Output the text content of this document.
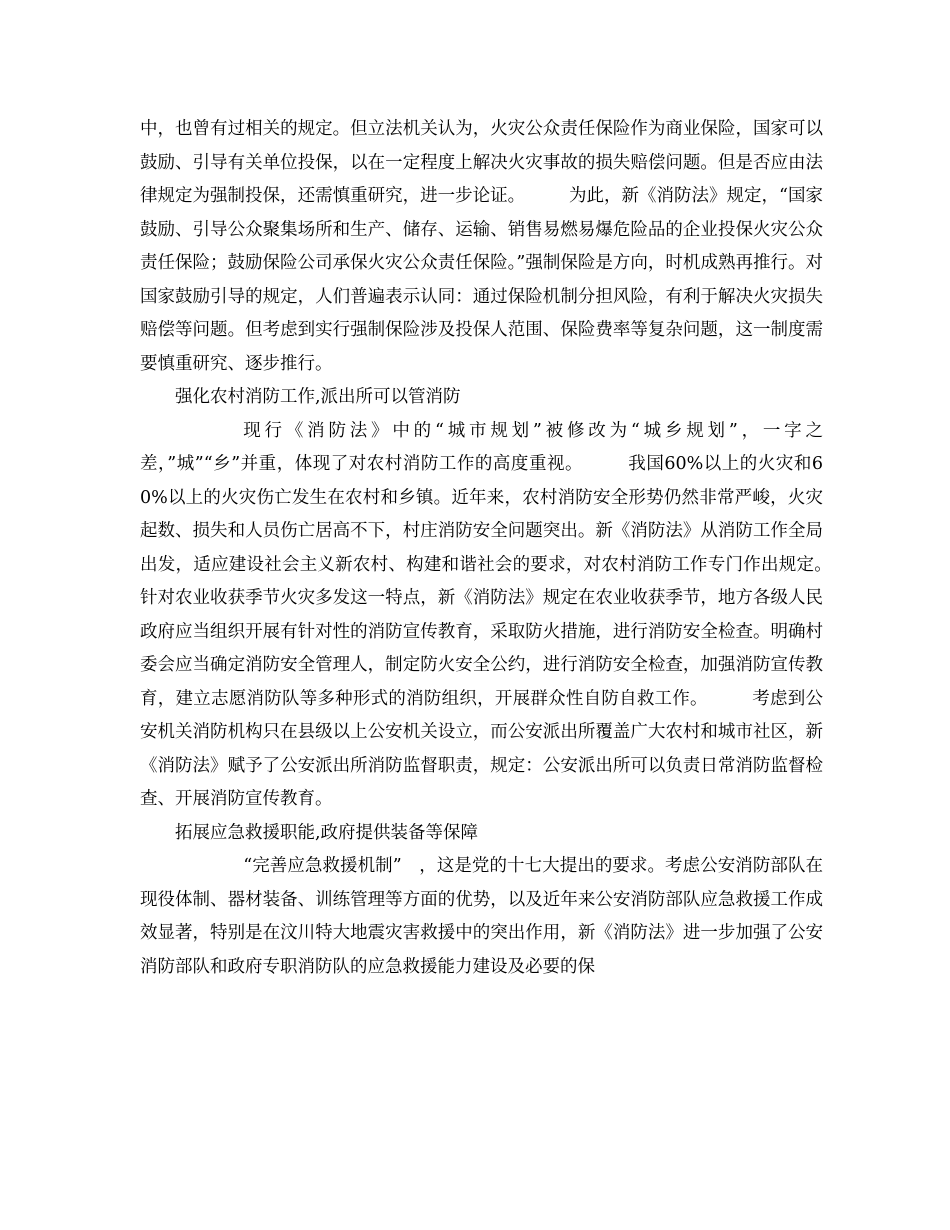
中，也曾有过相关的规定。但立法机关认为，火灾公众责任保险作为商业保险，国家可以鼓励、引导有关单位投保，以在一定程度上解决火灾事故的损失赔偿问题。但是否应由法律规定为强制投保，还需慎重研究，进一步论证。　　　为此，新《消防法》规定，“国家鼓励、引导公众聚集场所和生产、储存、运输、销售易燃易爆危险品的企业投保火灾公众责任保险；鼓励保险公司承保火灾公众责任保险。”强制保险是方向，时机成熟再推行。对国家鼓励引导的规定，人们普遍表示认同：通过保险机制分担风险，有利于解决火灾损失赔偿等问题。但考虑到实行强制保险涉及投保人范围、保险费率等复杂问题，这一制度需要慎重研究、逐步推行。

强化农村消防工作,派出所可以管消防

现行《消防法》中的“城市规划”被修改为“城乡规划”，一字之差，”城”“乡”并重，体现了对农村消防工作的高度重视。　　　我国60%以上的火灾和60%以上的火灾伤亡发生在农村和乡镇。近年来，农村消防安全形势仍然非常严峻，火灾起数、损失和人员伤亡居高不下，村庄消防安全问题突出。新《消防法》从消防工作全局出发，适应建设社会主义新农村、构建和谐社会的要求，对农村消防工作专门作出规定。　　　针对农业收获季节火灾多发这一特点，新《消防法》规定在农业收获季节，地方各级人民政府应当组织开展有针对性的消防宣传教育，采取防火措施，进行消防安全检查。明确村委会应当确定消防安全管理人，制定防火安全公约，进行消防安全检查，加强消防宣传教育，建立志愿消防队等多种形式的消防组织，开展群众性自防自救工作。　　　考虑到公安机关消防机构只在县级以上公安机关设立，而公安派出所覆盖广大农村和城市社区，新《消防法》赋予了公安派出所消防监督职责，规定：公安派出所可以负责日常消防监督检查、开展消防宣传教育。

拓展应急救援职能,政府提供装备等保障

“完善应急救援机制”　，这是党的十七大提出的要求。考虑公安消防部队在现役体制、器材装备、训练管理等方面的优势，以及近年来公安消防部队应急救援工作成效显著，特别是在汶川特大地震灾害救援中的突出作用，新《消防法》进一步加强了公安消防部队和政府专职消防队的应急救援能力建设及必要的保
